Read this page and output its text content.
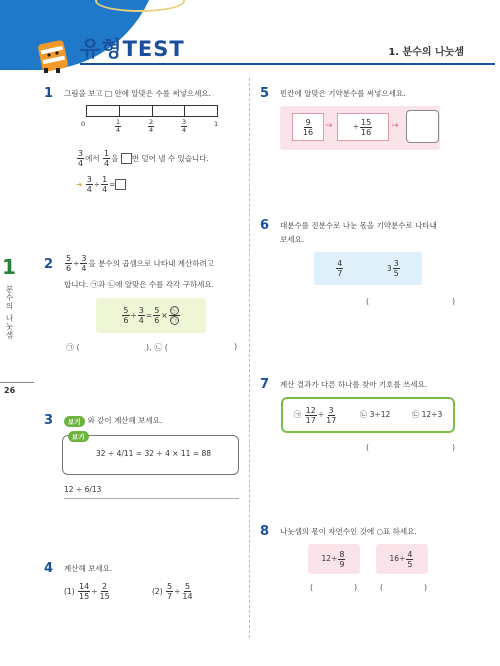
유형TEST	1. 분수의 나눗셈
1
분수의 나눗셈
26
1 그림을 보고 □ 안에 알맞은 수를 써넣으세요.
0	$\frac{1}{4}$	$\frac{2}{4}$	$\frac{3}{4}$	1
$\frac{3}{4}$ 에서
$\frac{1}{4}$ 을
번 덜어 낼 수 있습니다.
➜
$\frac{3}{4} \div \frac{1}{4}$ =
$2 \frac{5}{6} \div \frac{3}{4}$ 을 분수의 곱셈으로 나타내 계산하려고
합니다. ㉠과 ㉡에 알맞은 수를 각각 구하세요.
$\frac{5}{6} \div \frac{3}{4} = \frac{5}{6} \times \frac{㉡}{㉠}$
㉠ (	), ㉡ (	)
3	보기 와 같이 계산해 보세요.
보기
32 ÷ 4/11 = 32 ÷ 4 × 11 = 88
12 ÷ 6/13
4 계산해 보세요.
(1)
$\frac{14}{15} \div \frac{2}{15}$	(2)
$\frac{5}{7} \div \frac{5}{14}$
5 빈칸에 알맞은 기약분수를 써넣으세요.
$\frac{9}{16}$ →	÷ $\frac{15}{16}$ →
6 대분수를 진분수로 나눈 몫을 기약분수로 나타내
보세요.
$\frac{4}{7}$	$3 \frac{3}{5}$
(	)
7 계산 결과가 다른 하나를 찾아 기호를 쓰세요.
㉠
$\frac{12}{17} \div \frac{3}{17}$	㉡ 3÷12	㉢ 12÷3
(	)
8 나눗셈의 몫이 자연수인 것에 ○표 하세요.
$12\div \frac{8}{9}$	$16\div \frac{4}{5}$
(	)	(	)
